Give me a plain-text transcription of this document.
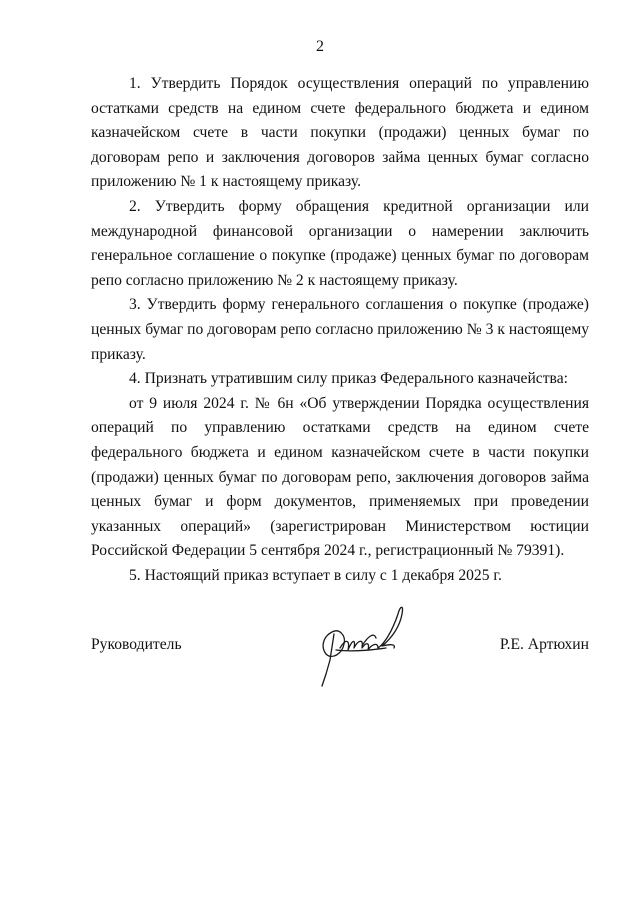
2

1. Утвердить Порядок осуществления операций по управлению остатками средств на едином счете федерального бюджета и едином казначейском счете в части покупки (продажи) ценных бумаг по договорам репо и заключения договоров займа ценных бумаг согласно приложению № 1 к настоящему приказу.

2. Утвердить форму обращения кредитной организации или международной финансовой организации о намерении заключить генеральное соглашение о покупке (продаже) ценных бумаг по договорам репо согласно приложению № 2 к настоящему приказу.

3. Утвердить форму генерального соглашения о покупке (продаже) ценных бумаг по договорам репо согласно приложению № 3 к настоящему приказу.

4. Признать утратившим силу приказ Федерального казначейства:

от 9 июля 2024 г. № 6н «Об утверждении Порядка осуществления операций по управлению остатками средств на едином счете федерального бюджета и едином казначейском счете в части покупки (продажи) ценных бумаг по договорам репо, заключения договоров займа ценных бумаг и форм документов, применяемых при проведении указанных операций» (зарегистрирован Министерством юстиции Российской Федерации 5 сентября 2024 г., регистрационный № 79391).

5. Настоящий приказ вступает в силу с 1 декабря 2025 г.

Руководитель	Р.Е. Артюхин
